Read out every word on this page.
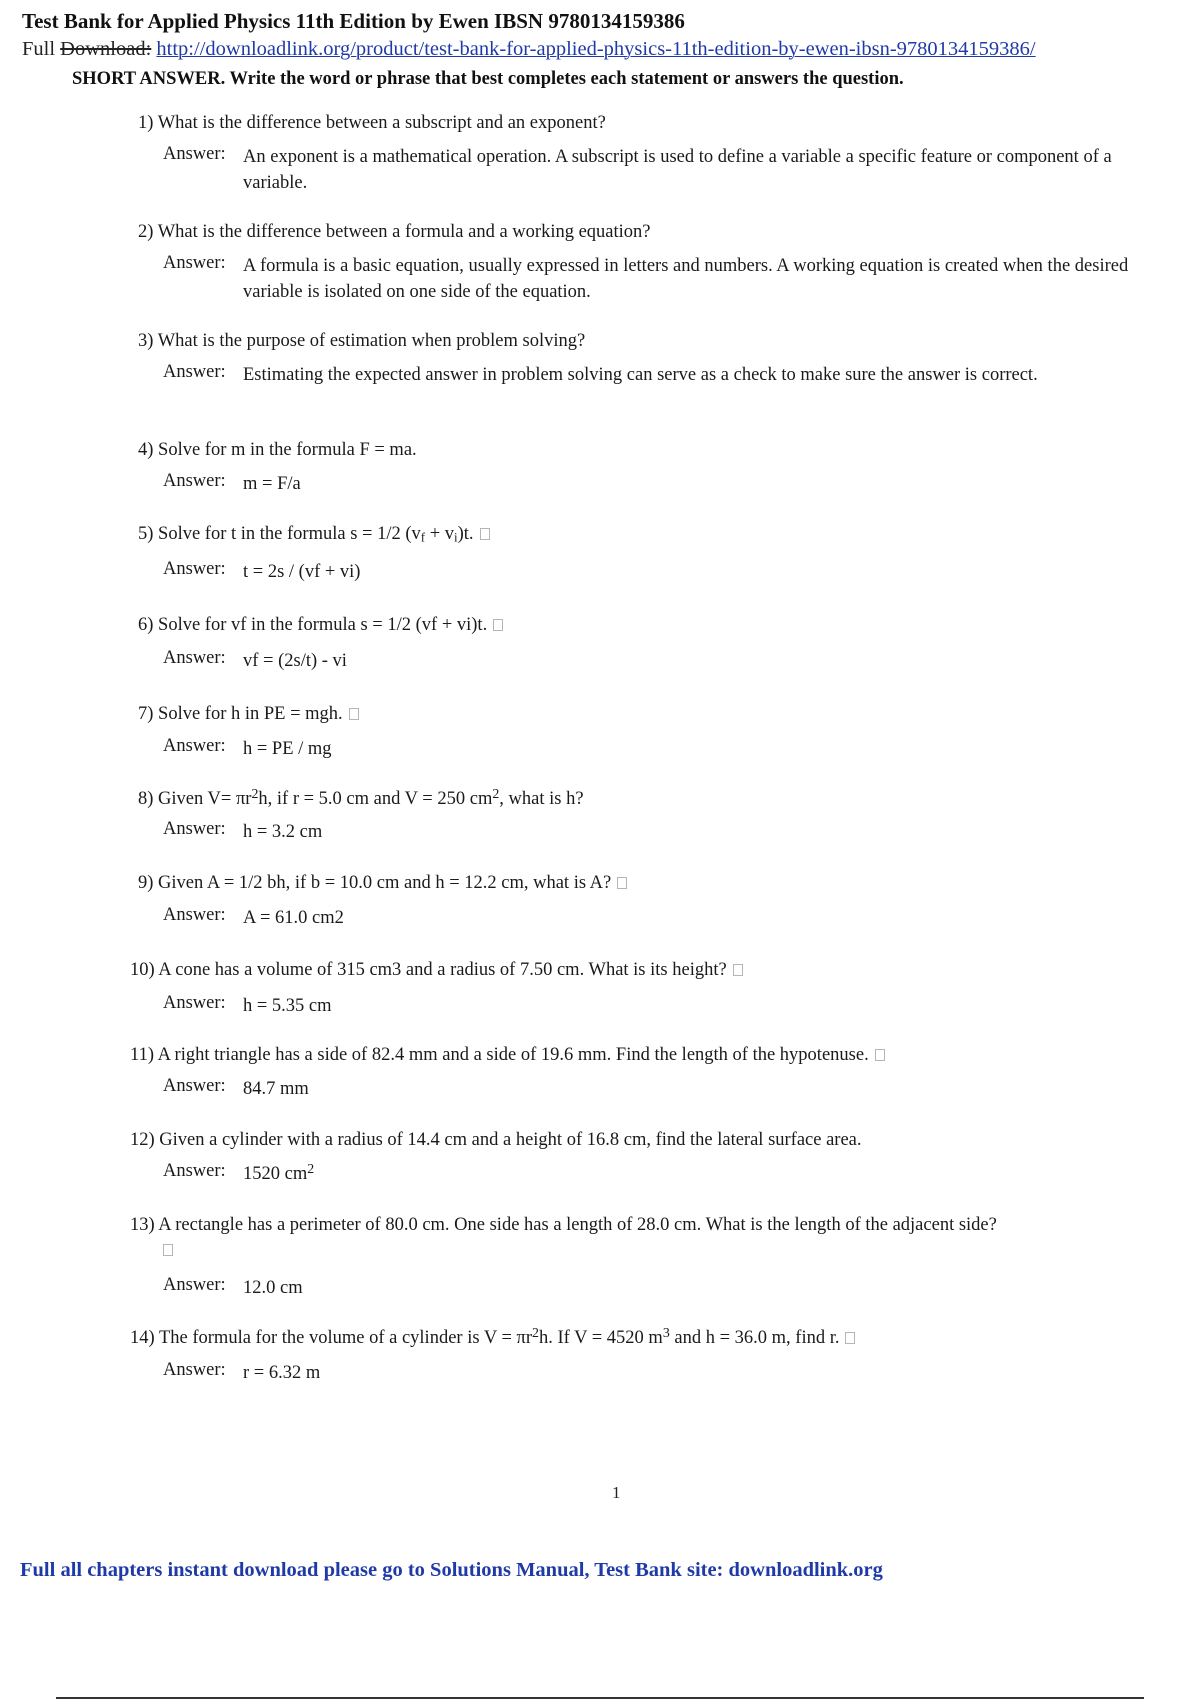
Test Bank for Applied Physics 11th Edition by Ewen IBSN 9780134159386
Full Download: http://downloadlink.org/product/test-bank-for-applied-physics-11th-edition-by-ewen-ibsn-9780134159386/
SHORT ANSWER. Write the word or phrase that best completes each statement or answers the question.
1) What is the difference between a subscript and an exponent?
Answer: An exponent is a mathematical operation. A subscript is used to define a variable a specific feature or component of a variable.
2) What is the difference between a formula and a working equation?
Answer: A formula is a basic equation, usually expressed in letters and numbers. A working equation is created when the desired variable is isolated on one side of the equation.
3) What is the purpose of estimation when problem solving?
Answer: Estimating the expected answer in problem solving can serve as a check to make sure the answer is correct.
4) Solve for m in the formula F = ma.
Answer: m = F/a
5) Solve for t in the formula s = 1/2 $(v_f + v_i)t$.
Answer: t = 2s / (vf + vi)
6) Solve for vf in the formula s = 1/2 (vf + vi)t.
Answer: vf = (2s/t) - vi
7) Solve for h in PE = mgh.
Answer: h = PE / mg
8) Given $V= \pi r^2h$, if r = 5.0 cm and V = 250 $cm^2$, what is h?
Answer: h = 3.2 cm
9) Given A = 1/2 bh, if b = 10.0 cm and h = 12.2 cm, what is A?
Answer: A = 61.0 cm2
10) A cone has a volume of 315 cm3 and a radius of 7.50 cm. What is its height?
Answer: h = 5.35 cm
11) A right triangle has a side of 82.4 mm and a side of 19.6 mm. Find the length of the hypotenuse.
Answer: 84.7 mm
12) Given a cylinder with a radius of 14.4 cm and a height of 16.8 cm, find the lateral surface area.
Answer: 1520 $cm^2$
13) A rectangle has a perimeter of 80.0 cm. One side has a length of 28.0 cm. What is the length of the adjacent side?
Answer: 12.0 cm
14) The formula for the volume of a cylinder is $V = \pi r^2h$. If V = 4520 $m^3$ and h = 36.0 m, find r.
Answer: r = 6.32 m
1
Full all chapters instant download please go to Solutions Manual, Test Bank site: downloadlink.org
